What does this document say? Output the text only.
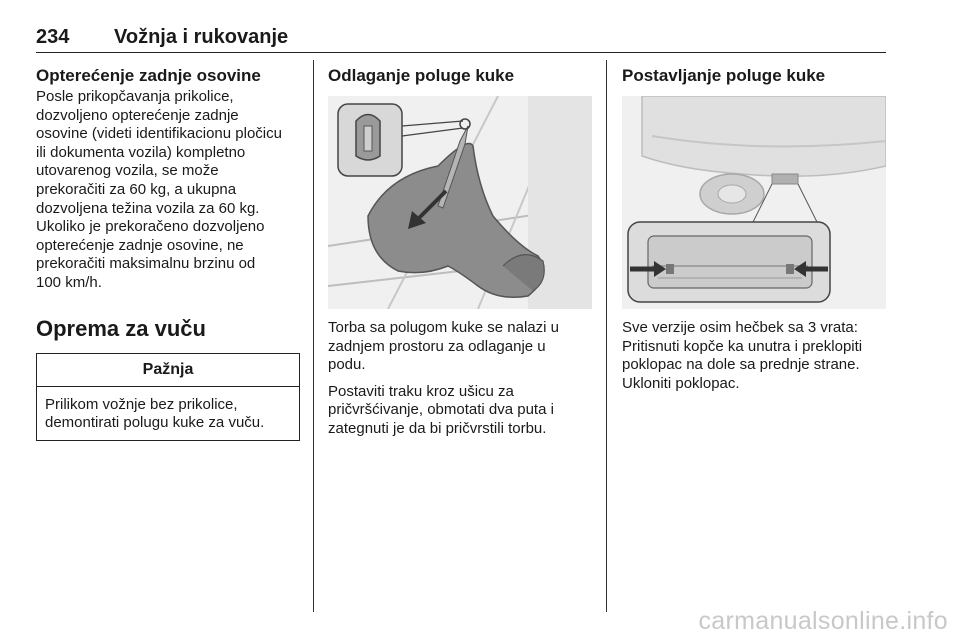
234 Vožnja i rukovanje
Opterećenje zadnje osovine

Posle prikopčavanja prikolice,
dozvoljeno opterećenje zadnje
osovine (videti identifikacionu pločicu
ili dokumenta vozila) kompletno
utovarenog vozila, se može
prekoračiti za 60 kg, a ukupna
dozvoljena težina vozila za 60 kg.
Ukoliko je prekoračeno dozvoljeno
opterećenje zadnje osovine, ne
prekoračiti maksimalnu brzinu od
100 km/h.

Oprema za vuču
Pažnja
Prilikom vožnje bez prikolice,
demontirati polugu kuke za vuču.
Odlaganje poluge kuke

Torba sa polugom kuke se nalazi u
zadnjem prostoru za odlaganje u
podu.

Postaviti traku kroz ušicu za
pričvršćivanje, obmotati dva puta i
zategnuti je da bi pričvrstili torbu.

Postavljanje poluge kuke

Sve verzije osim hečbek sa 3 vrata:
Pritisnuti kopče ka unutra i preklopiti
poklopac na dole sa prednje strane.
Ukloniti poklopac.

carmanualsonline.info
